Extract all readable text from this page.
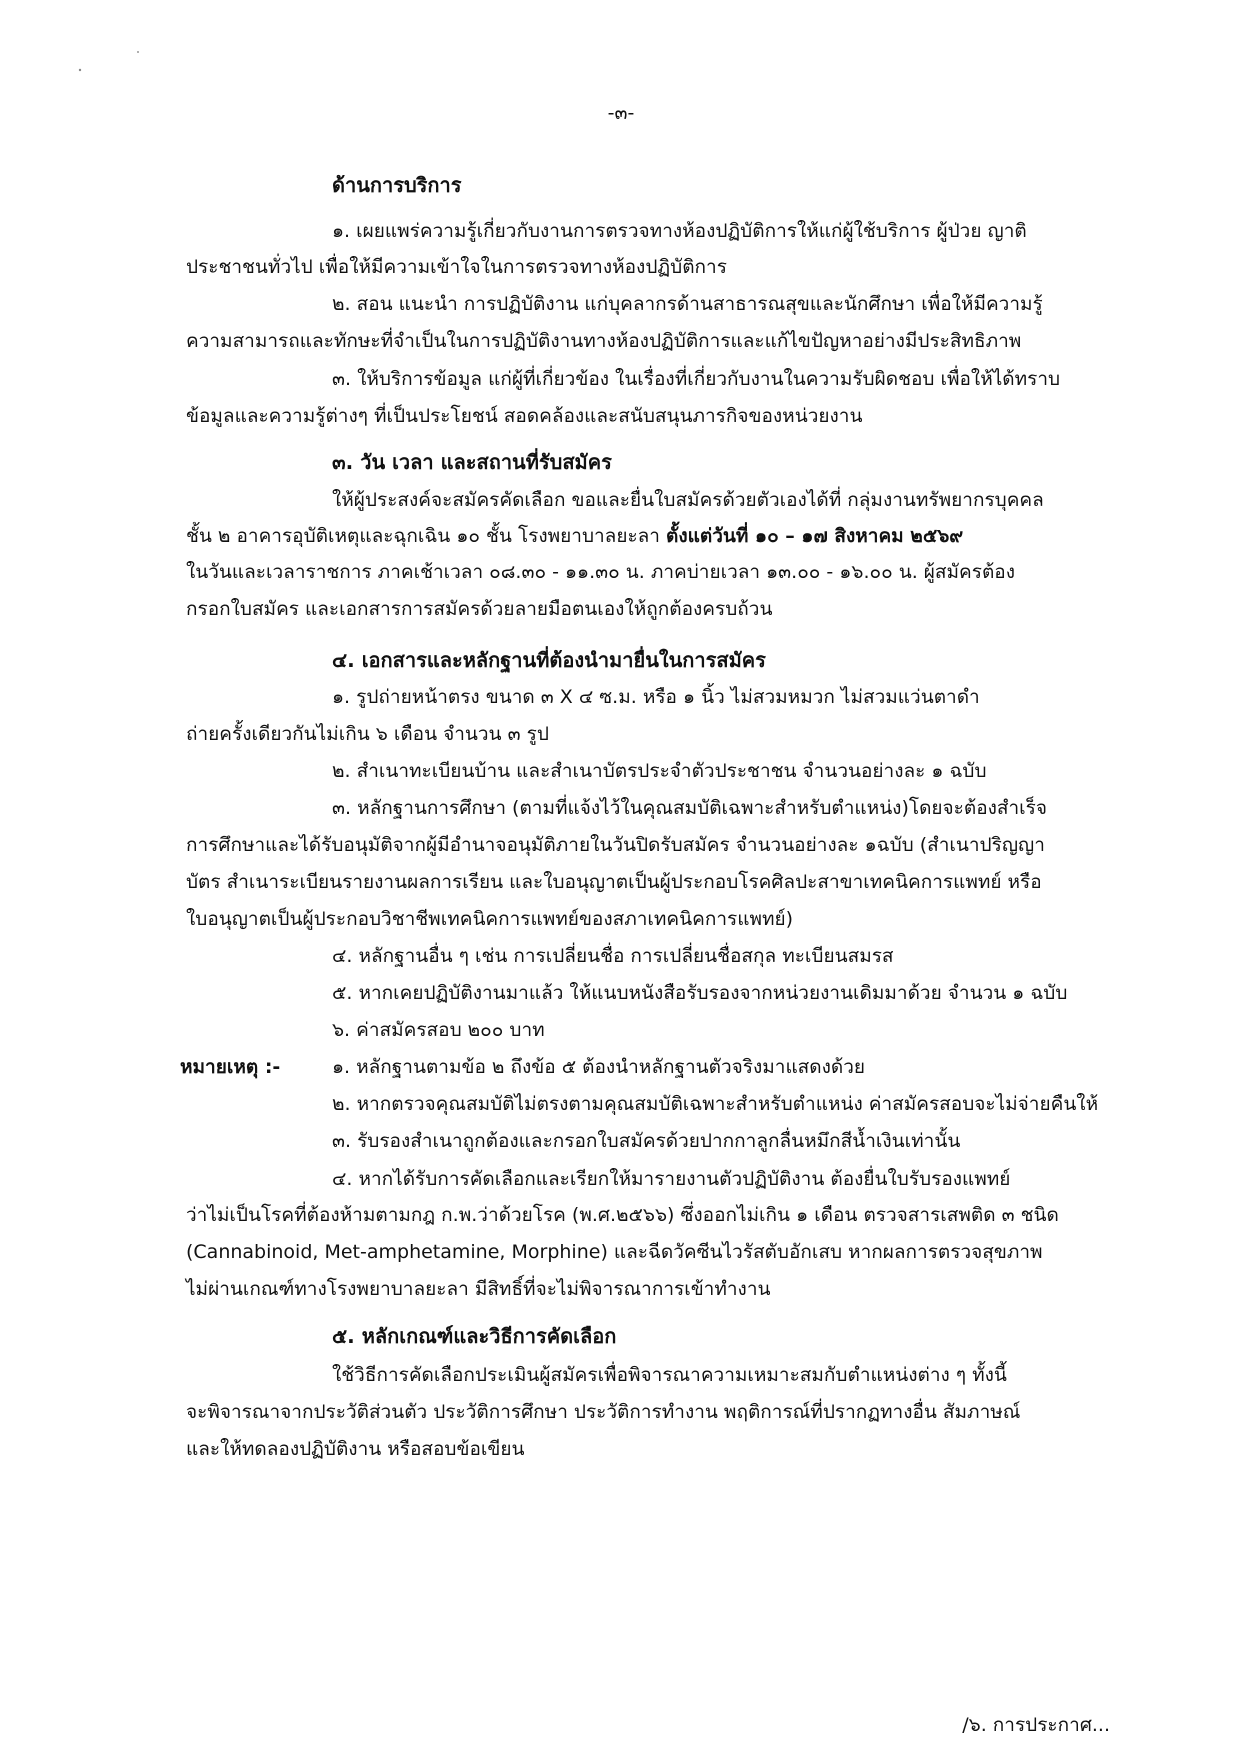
-๓-

ด้านการบริการ

๑. เผยแพร่ความรู้เกี่ยวกับงานการตรวจทางห้องปฏิบัติการให้แก่ผู้ใช้บริการ ผู้ป่วย ญาติ

ประชาชนทั่วไป เพื่อให้มีความเข้าใจในการตรวจทางห้องปฏิบัติการ

๒. สอน แนะนำ การปฏิบัติงาน แก่บุคลากรด้านสาธารณสุขและนักศึกษา เพื่อให้มีความรู้

ความสามารถและทักษะที่จำเป็นในการปฏิบัติงานทางห้องปฏิบัติการและแก้ไขปัญหาอย่างมีประสิทธิภาพ

๓. ให้บริการข้อมูล แก่ผู้ที่เกี่ยวข้อง ในเรื่องที่เกี่ยวกับงานในความรับผิดชอบ เพื่อให้ได้ทราบ

ข้อมูลและความรู้ต่างๆ ที่เป็นประโยชน์ สอดคล้องและสนับสนุนภารกิจของหน่วยงาน

๓. วัน เวลา และสถานที่รับสมัคร

ให้ผู้ประสงค์จะสมัครคัดเลือก ขอและยื่นใบสมัครด้วยตัวเองได้ที่ กลุ่มงานทรัพยากรบุคคล

ชั้น ๒ อาคารอุบัติเหตุและฉุกเฉิน ๑๐ ชั้น โรงพยาบาลยะลา ตั้งแต่วันที่ ๑๐ – ๑๗ สิงหาคม ๒๕๖๙

ในวันและเวลาราชการ ภาคเช้าเวลา ๐๘.๓๐ - ๑๑.๓๐ น. ภาคบ่ายเวลา ๑๓.๐๐ - ๑๖.๐๐ น. ผู้สมัครต้อง

กรอกใบสมัคร และเอกสารการสมัครด้วยลายมือตนเองให้ถูกต้องครบถ้วน

๔. เอกสารและหลักฐานที่ต้องนำมายื่นในการสมัคร

๑. รูปถ่ายหน้าตรง ขนาด ๓ X ๔ ซ.ม. หรือ ๑ นิ้ว ไม่สวมหมวก ไม่สวมแว่นตาดำ

ถ่ายครั้งเดียวกันไม่เกิน ๖ เดือน จำนวน ๓ รูป

๒. สำเนาทะเบียนบ้าน และสำเนาบัตรประจำตัวประชาชน จำนวนอย่างละ ๑ ฉบับ

๓. หลักฐานการศึกษา (ตามที่แจ้งไว้ในคุณสมบัติเฉพาะสำหรับตำแหน่ง)โดยจะต้องสำเร็จ

การศึกษาและได้รับอนุมัติจากผู้มีอำนาจอนุมัติภายในวันปิดรับสมัคร จำนวนอย่างละ ๑ฉบับ (สำเนาปริญญา

บัตร สำเนาระเบียนรายงานผลการเรียน และใบอนุญาตเป็นผู้ประกอบโรคศิลปะสาขาเทคนิคการแพทย์ หรือ

ใบอนุญาตเป็นผู้ประกอบวิชาชีพเทคนิคการแพทย์ของสภาเทคนิคการแพทย์)

๔. หลักฐานอื่น ๆ เช่น การเปลี่ยนชื่อ การเปลี่ยนชื่อสกุล ทะเบียนสมรส

๕. หากเคยปฏิบัติงานมาแล้ว ให้แนบหนังสือรับรองจากหน่วยงานเดิมมาด้วย จำนวน ๑ ฉบับ

๖. ค่าสมัครสอบ ๒๐๐ บาท

หมายเหตุ :-	๑. หลักฐานตามข้อ ๒ ถึงข้อ ๕ ต้องนำหลักฐานตัวจริงมาแสดงด้วย

๒. หากตรวจคุณสมบัติไม่ตรงตามคุณสมบัติเฉพาะสำหรับตำแหน่ง ค่าสมัครสอบจะไม่จ่ายคืนให้

๓. รับรองสำเนาถูกต้องและกรอกใบสมัครด้วยปากกาลูกลื่นหมึกสีน้ำเงินเท่านั้น

๔. หากได้รับการคัดเลือกและเรียกให้มารายงานตัวปฏิบัติงาน ต้องยื่นใบรับรองแพทย์

ว่าไม่เป็นโรคที่ต้องห้ามตามกฎ ก.พ.ว่าด้วยโรค (พ.ศ.๒๕๖๖) ซึ่งออกไม่เกิน ๑ เดือน ตรวจสารเสพติด ๓ ชนิด

(Cannabinoid, Met-amphetamine, Morphine) และฉีดวัคซีนไวรัสตับอักเสบ หากผลการตรวจสุขภาพ

ไม่ผ่านเกณฑ์ทางโรงพยาบาลยะลา มีสิทธิ์ที่จะไม่พิจารณาการเข้าทำงาน

๕. หลักเกณฑ์และวิธีการคัดเลือก

ใช้วิธีการคัดเลือกประเมินผู้สมัครเพื่อพิจารณาความเหมาะสมกับตำแหน่งต่าง ๆ ทั้งนี้

จะพิจารณาจากประวัติส่วนตัว ประวัติการศึกษา ประวัติการทำงาน พฤติการณ์ที่ปรากฏทางอื่น สัมภาษณ์

และให้ทดลองปฏิบัติงาน หรือสอบข้อเขียน

/๖. การประกาศ...
